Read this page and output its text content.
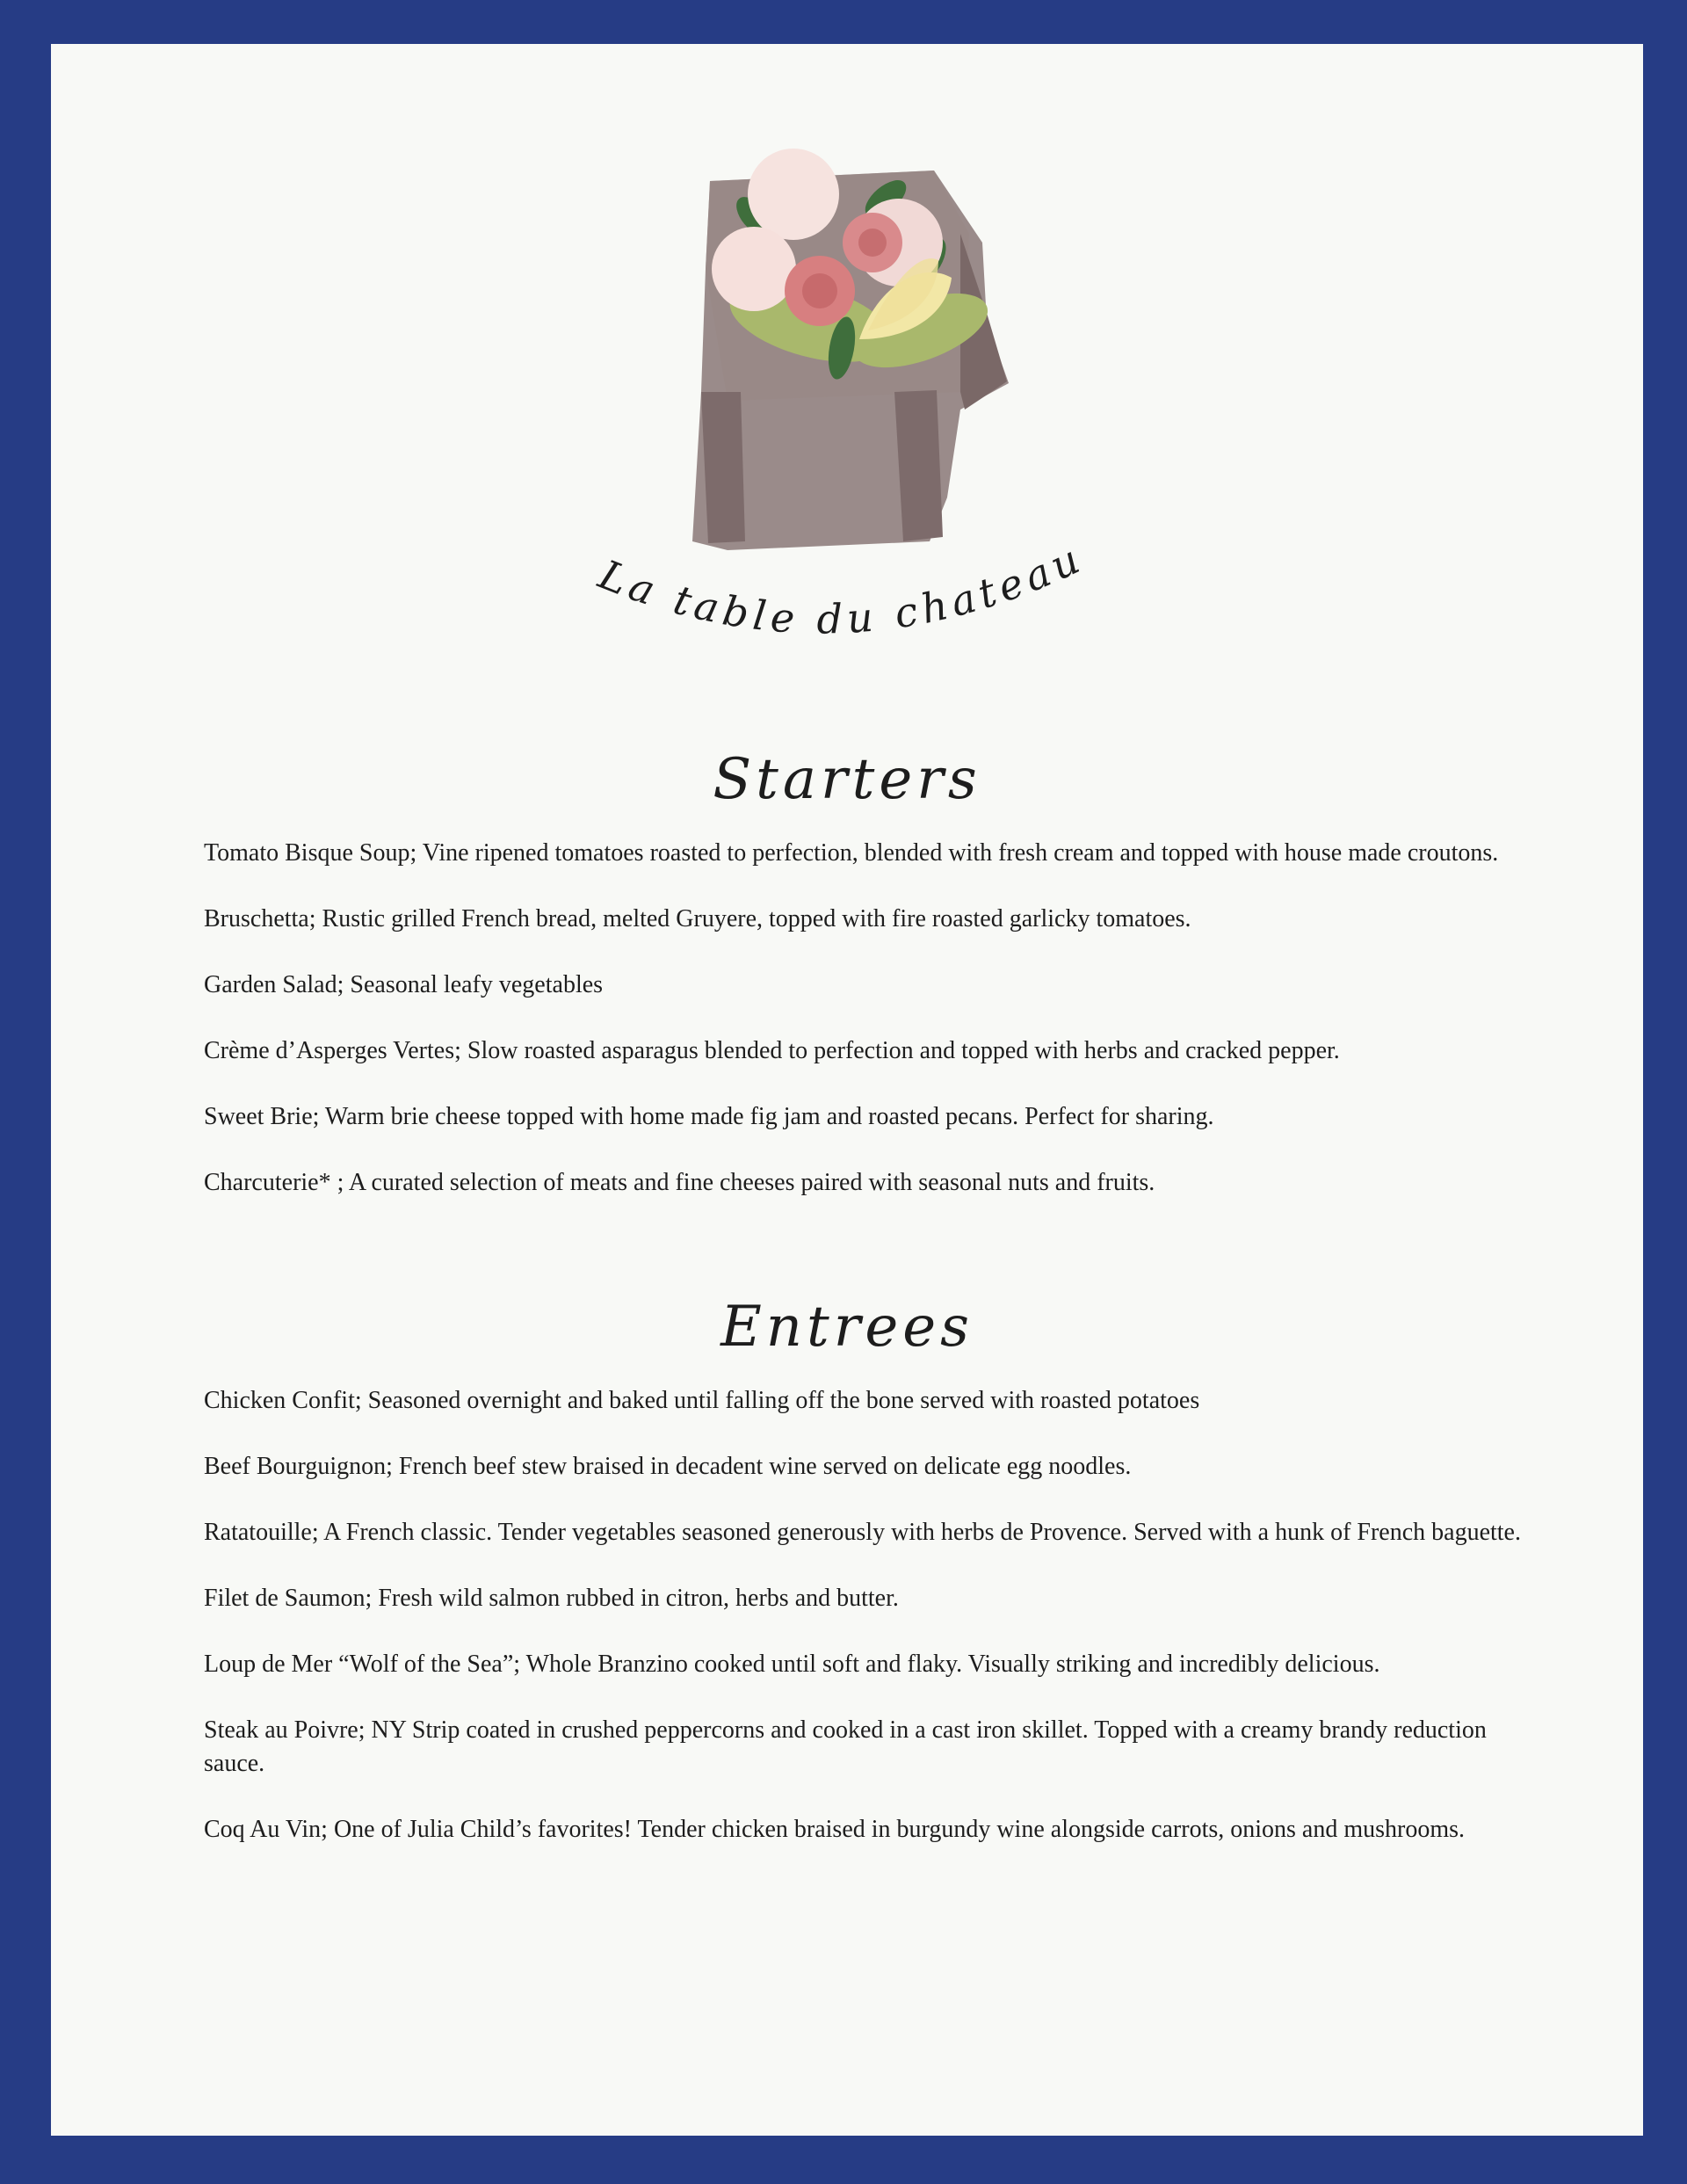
La table du chateau
Starters
Tomato Bisque Soup; Vine ripened tomatoes roasted to perfection, blended with fresh cream and topped with house made croutons.
Bruschetta; Rustic grilled French bread, melted Gruyere, topped with fire roasted garlicky tomatoes.
Garden Salad; Seasonal leafy vegetables
Crème d’Asperges Vertes; Slow roasted asparagus blended to perfection and topped with herbs and cracked pepper.
Sweet Brie; Warm brie cheese topped with home made fig jam and roasted pecans. Perfect for sharing.
Charcuterie* ; A curated selection of meats and fine cheeses paired with seasonal nuts and fruits.
Entrees
Chicken Confit; Seasoned overnight and baked until falling off the bone served with roasted potatoes
Beef Bourguignon; French beef stew braised in decadent wine served on delicate egg noodles.
Ratatouille; A French classic. Tender vegetables seasoned generously with herbs de Provence. Served with a hunk of French baguette.
Filet de Saumon; Fresh wild salmon rubbed in citron, herbs and butter.
Loup de Mer “Wolf of the Sea”; Whole Branzino cooked until soft and flaky. Visually striking and incredibly delicious.
Steak au Poivre; NY Strip coated in crushed peppercorns and cooked in a cast iron skillet. Topped with a creamy brandy reduction sauce.
Coq Au Vin; One of Julia Child’s favorites! Tender chicken braised in burgundy wine alongside carrots, onions and mushrooms.
